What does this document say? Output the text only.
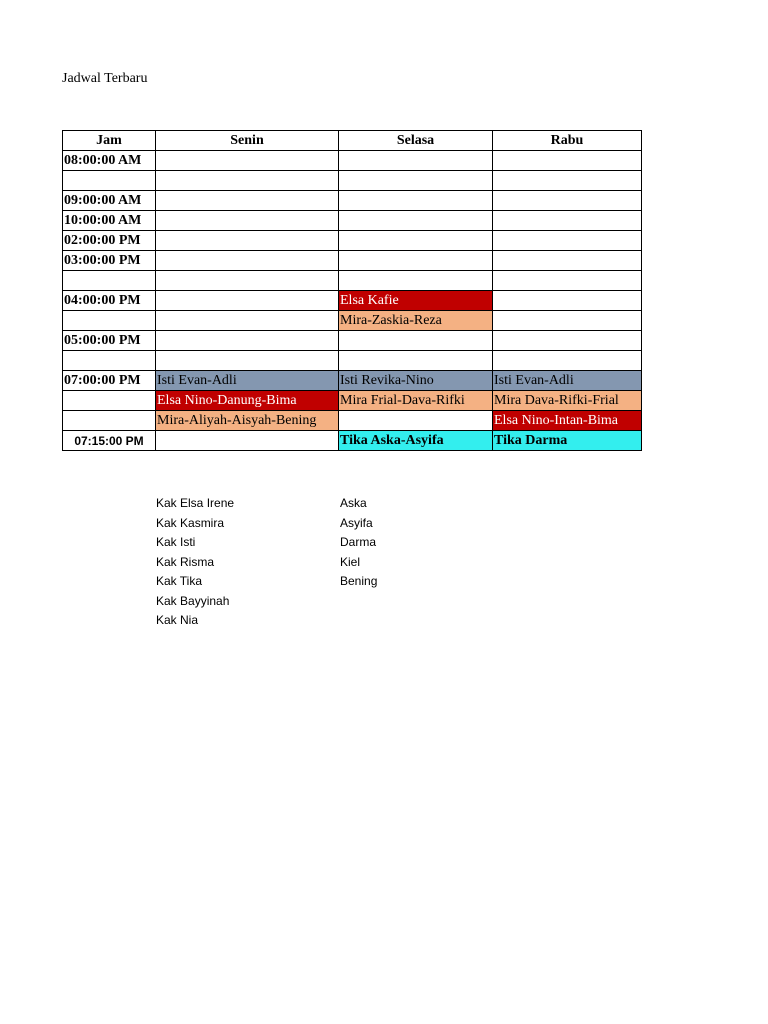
Jadwal Terbaru
Jam	Senin	Selasa	Rabu
08:00:00 AM			

09:00:00 AM			
10:00:00 AM			
02:00:00 PM			
03:00:00 PM			

04:00:00 PM		Elsa Kafie	
		Mira-Zaskia-Reza	
05:00:00 PM			

07:00:00 PM	Isti Evan-Adli	Isti Revika-Nino	Isti Evan-Adli
	Elsa Nino-Danung-Bima	Mira Frial-Dava-Rifki	Mira Dava-Rifki-Frial
	Mira-Aliyah-Aisyah-Bening		Elsa Nino-Intan-Bima
07:15:00 PM		Tika Aska-Asyifa	Tika Darma
Kak Elsa Irene
Kak Kasmira
Kak Isti
Kak Risma
Kak Tika
Kak Bayyinah
Kak Nia
Aska
Asyifa
Darma
Kiel
Bening
